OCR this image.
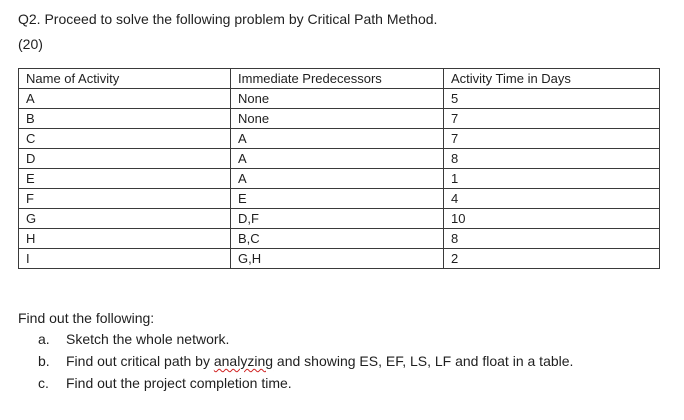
Q2. Proceed to solve the following problem by Critical Path Method.

(20)

Name of Activity	Immediate Predecessors	Activity Time in Days
A	None	5
B	None	7
C	A	7
D	A	8
E	A	1
F	E	4
G	D,F	10
H	B,C	8
I	G,H	2

Find out the following:

a.	Sketch the whole network.
b.	Find out critical path by analyzing and showing ES, EF, LS, LF and float in a table.
c.	Find out the project completion time.
